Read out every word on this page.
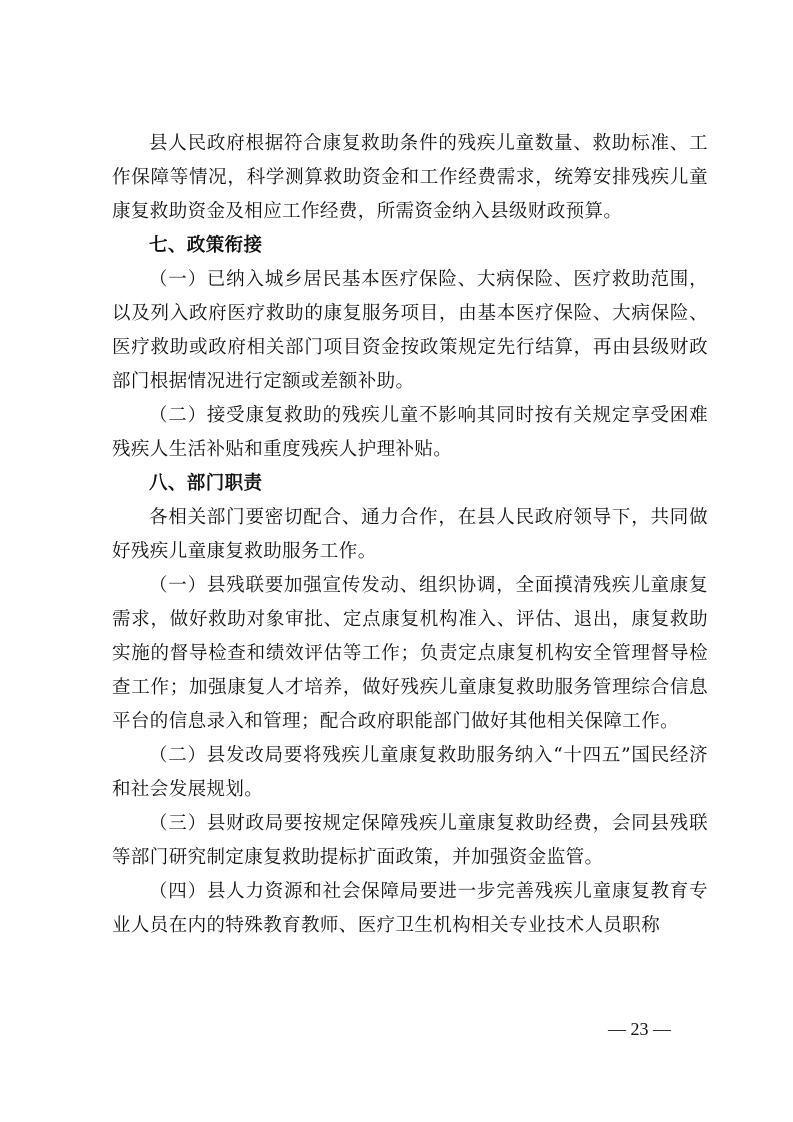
县人民政府根据符合康复救助条件的残疾儿童数量、救助标准、工作保障等情况，科学测算救助资金和工作经费需求，统筹安排残疾儿童康复救助资金及相应工作经费，所需资金纳入县级财政预算。

七、政策衔接

（一）已纳入城乡居民基本医疗保险、大病保险、医疗救助范围，以及列入政府医疗救助的康复服务项目，由基本医疗保险、大病保险、医疗救助或政府相关部门项目资金按政策规定先行结算，再由县级财政部门根据情况进行定额或差额补助。

（二）接受康复救助的残疾儿童不影响其同时按有关规定享受困难残疾人生活补贴和重度残疾人护理补贴。

八、部门职责

各相关部门要密切配合、通力合作，在县人民政府领导下，共同做好残疾儿童康复救助服务工作。

（一）县残联要加强宣传发动、组织协调，全面摸清残疾儿童康复需求，做好救助对象审批、定点康复机构准入、评估、退出，康复救助实施的督导检查和绩效评估等工作；负责定点康复机构安全管理督导检查工作；加强康复人才培养，做好残疾儿童康复救助服务管理综合信息平台的信息录入和管理；配合政府职能部门做好其他相关保障工作。

（二）县发改局要将残疾儿童康复救助服务纳入“十四五”国民经济和社会发展规划。

（三）县财政局要按规定保障残疾儿童康复救助经费，会同县残联等部门研究制定康复救助提标扩面政策，并加强资金监管。

（四）县人力资源和社会保障局要进一步完善残疾儿童康复教育专业人员在内的特殊教育教师、医疗卫生机构相关专业技术人员职称

— 23 —
